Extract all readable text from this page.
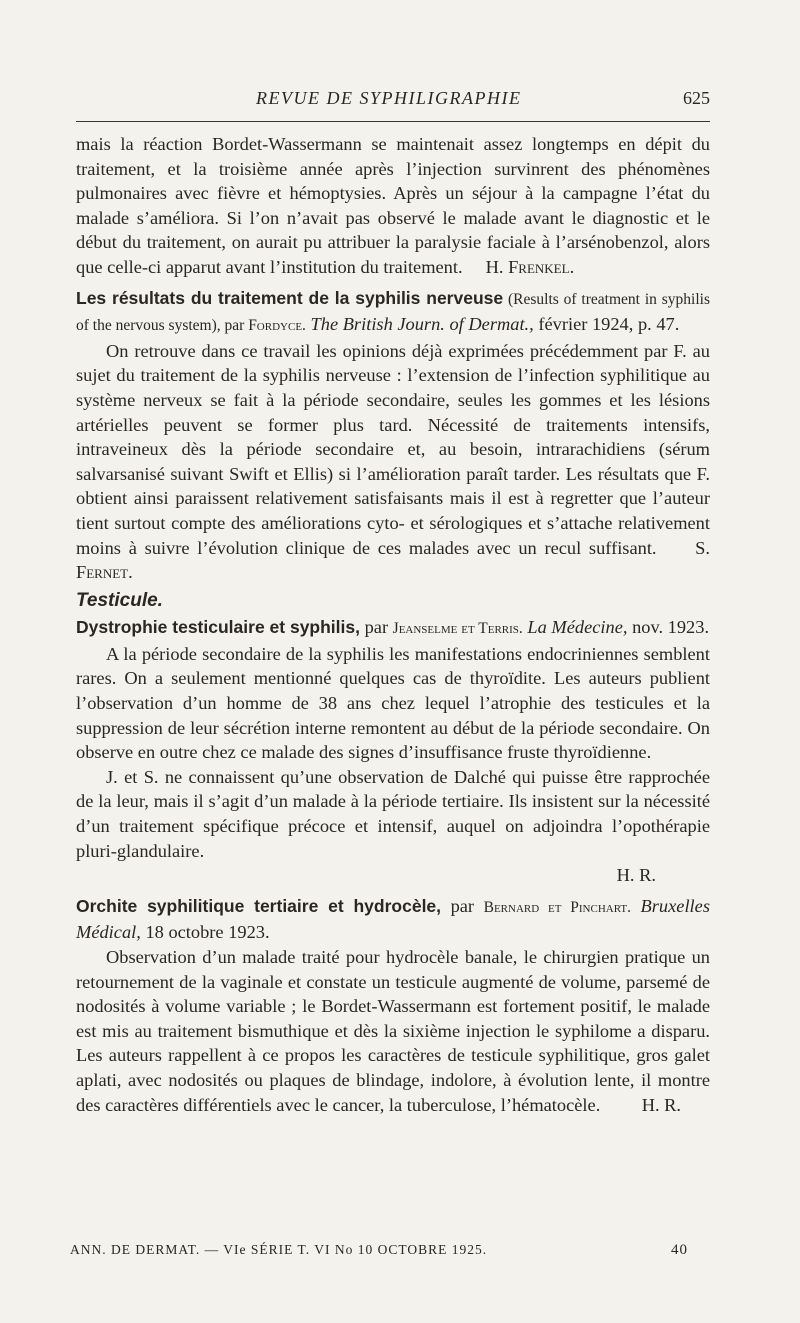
REVUE DE SYPHILIGRAPHIE	625

mais la réaction Bordet-Wassermann se maintenait assez longtemps en dépit du traitement, et la troisième année après l’injection survinrent des phénomènes pulmonaires avec fièvre et hémoptysies. Après un séjour à la campagne l’état du malade s’améliora. Si l’on n’avait pas observé le malade avant le diagnostic et le début du traitement, on aurait pu attribuer la paralysie faciale à l’arsénobenzol, alors que celle-ci apparut avant l’institution du traitement. H. Frenkel.

Les résultats du traitement de la syphilis nerveuse (Results of treatment in syphilis of the nervous system), par Fordyce. The British Journ. of Dermat., février 1924, p. 47.

On retrouve dans ce travail les opinions déjà exprimées précédemment par F. au sujet du traitement de la syphilis nerveuse : l’extension de l’infection syphilitique au système nerveux se fait à la période secondaire, seules les gommes et les lésions artérielles peuvent se former plus tard. Nécessité de traitements intensifs, intraveineux dès la période secondaire et, au besoin, intrarachidiens (sérum salvarsanisé suivant Swift et Ellis) si l’amélioration paraît tarder. Les résultats que F. obtient ainsi paraissent relativement satisfaisants mais il est à regretter que l’auteur tient surtout compte des améliorations cyto- et sérologiques et s’attache relativement moins à suivre l’évolution clinique de ces malades avec un recul suffisant. S. Fernet.

Testicule.

Dystrophie testiculaire et syphilis, par Jeanselme et Terris. La Médecine, nov. 1923.

A la période secondaire de la syphilis les manifestations endocriniennes semblent rares. On a seulement mentionné quelques cas de thyroïdite. Les auteurs publient l’observation d’un homme de 38 ans chez lequel l’atrophie des testicules et la suppression de leur sécrétion interne remontent au début de la période secondaire. On observe en outre chez ce malade des signes d’insuffisance fruste thyroïdienne.

J. et S. ne connaissent qu’une observation de Dalché qui puisse être rapprochée de la leur, mais il s’agit d’un malade à la période tertiaire. Ils insistent sur la nécessité d’un traitement spécifique précoce et intensif, auquel on adjoindra l’opothérapie pluri-glandulaire.

H. R.

Orchite syphilitique tertiaire et hydrocèle, par Bernard et Pinchart. Bruxelles Médical, 18 octobre 1923.

Observation d’un malade traité pour hydrocèle banale, le chirurgien pratique un retournement de la vaginale et constate un testicule augmenté de volume, parsemé de nodosités à volume variable ; le Bordet-Wassermann est fortement positif, le malade est mis au traitement bismuthique et dès la sixième injection le syphilome a disparu. Les auteurs rappellent à ce propos les caractères de testicule syphilitique, gros galet aplati, avec nodosités ou plaques de blindage, indolore, à évolution lente, il montre des caractères différentiels avec le cancer, la tuberculose, l’hématocèle. H. R.

ANN. DE DERMAT. — VIe SÉRIE T. VI No 10 OCTOBRE 1925.	40
